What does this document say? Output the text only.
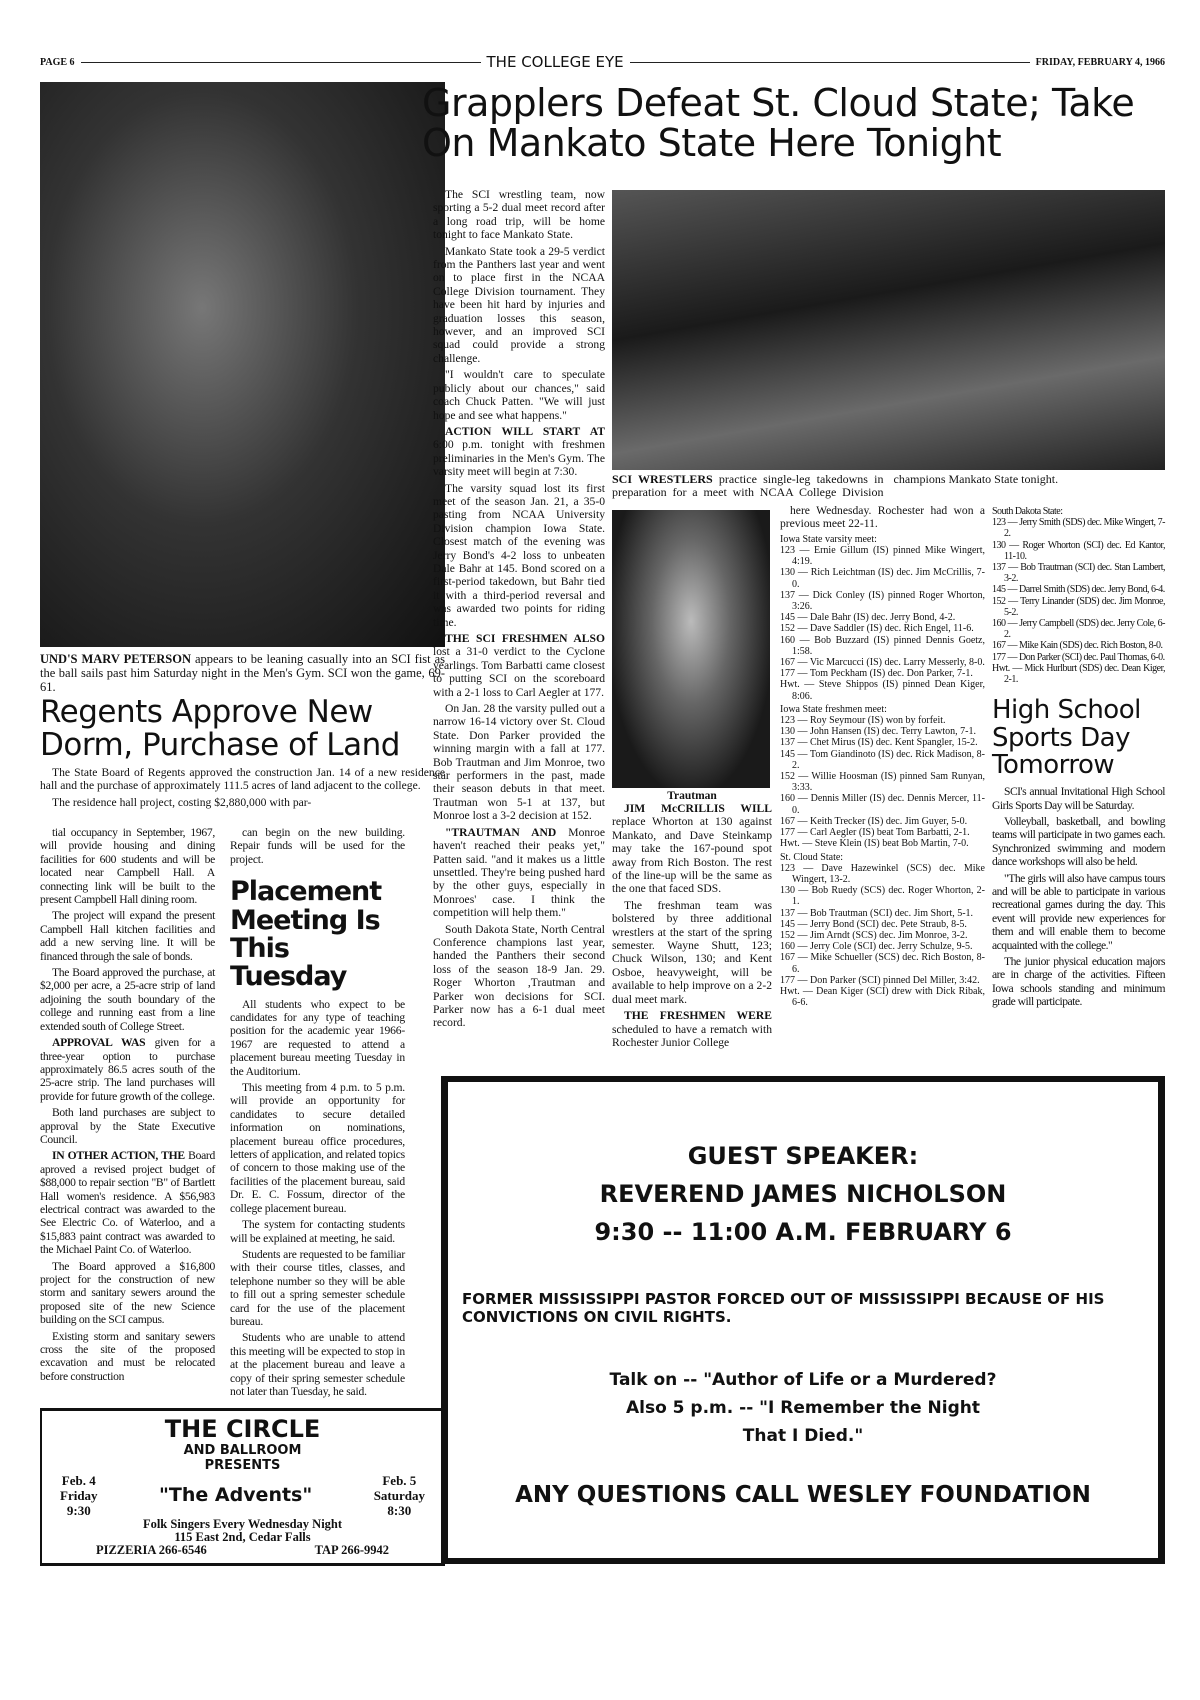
PAGE 6	THE COLLEGE EYE	FRIDAY, FEBRUARY 4, 1966
UND'S MARV PETERSON appears to be leaning casually into an SCI fist as the ball sails past him Saturday night in the Men's Gym. SCI won the game, 69-61.
Regents Approve New Dorm, Purchase of Land

The State Board of Regents approved the construction Jan. 14 of a new residence hall and the purchase of approximately 111.5 acres of land adjacent to the college.

The residence hall project, costing $2,880,000 with par-

tial occupancy in September, 1967, will provide housing and dining facilities for 600 students and will be located near Campbell Hall. A connecting link will be built to the present Campbell Hall dining room.

The project will expand the present Campbell Hall kitchen facilities and add a new serving line. It will be financed through the sale of bonds.

The Board approved the purchase, at $2,000 per acre, a 25-acre strip of land adjoining the south boundary of the college and running east from a line extended south of College Street.

APPROVAL WAS given for a three-year option to purchase approximately 86.5 acres south of the 25-acre strip. The land purchases will provide for future growth of the college.

Both land purchases are subject to approval by the State Executive Council.

IN OTHER ACTION, THE Board aproved a revised project budget of $88,000 to repair section "B" of Bartlett Hall women's residence. A $56,983 electrical contract was awarded to the See Electric Co. of Waterloo, and a $15,883 paint contract was awarded to the Michael Paint Co. of Waterloo.

The Board approved a $16,800 project for the construction of new storm and sanitary sewers around the proposed site of the new Science building on the SCI campus.

Existing storm and sanitary sewers cross the site of the proposed excavation and must be relocated before construction

can begin on the new building. Repair funds will be used for the project.

Placement Meeting Is This Tuesday

All students who expect to be candidates for any type of teaching position for the academic year 1966-1967 are requested to attend a placement bureau meeting Tuesday in the Auditorium.

This meeting from 4 p.m. to 5 p.m. will provide an opportunity for candidates to secure detailed information on nominations, placement bureau office procedures, letters of application, and related topics of concern to those making use of the facilities of the placement bureau, said Dr. E. C. Fossum, director of the college placement bureau.

The system for contacting students will be explained at meeting, he said.

Students are requested to be familiar with their course titles, classes, and telephone number so they will be able to fill out a spring semester schedule card for the use of the placement bureau.

Students who are unable to attend this meeting will be expected to stop in at the placement bureau and leave a copy of their spring semester schedule not later than Tuesday, he said.

THE CIRCLE
AND BALLROOM
PRESENTS
Feb. 4
Friday
9:30
"The Advents"
Feb. 5
Saturday
8:30
Folk Singers Every Wednesday Night
115 East 2nd, Cedar Falls
PIZZERIA 266-6546	TAP 266-9942
Grapplers Defeat St. Cloud State; Take On Mankato State Here Tonight

The SCI wrestling team, now sporting a 5-2 dual meet record after a long road trip, will be home tonight to face Mankato State.

Mankato State took a 29-5 verdict from the Panthers last year and went on to place first in the NCAA College Division tournament. They have been hit hard by injuries and graduation losses this season, however, and an improved SCI squad could provide a strong challenge.

"I wouldn't care to speculate publicly about our chances," said coach Chuck Patten. "We will just hope and see what happens."

ACTION WILL START AT 6:00 p.m. tonight with freshmen preliminaries in the Men's Gym. The varsity meet will begin at 7:30.

The varsity squad lost its first meet of the season Jan. 21, a 35-0 pasting from NCAA University Division champion Iowa State. Closest match of the evening was Jerry Bond's 4-2 loss to unbeaten Dale Bahr at 145. Bond scored on a first-period takedown, but Bahr tied it with a third-period reversal and was awarded two points for riding time.

THE SCI FRESHMEN ALSO lost a 31-0 verdict to the Cyclone yearlings. Tom Barbatti came closest to putting SCI on the scoreboard with a 2-1 loss to Carl Aegler at 177.

On Jan. 28 the varsity pulled out a narrow 16-14 victory over St. Cloud State. Don Parker provided the winning margin with a fall at 177. Bob Trautman and Jim Monroe, two star performers in the past, made their season debuts in that meet. Trautman won 5-1 at 137, but Monroe lost a 3-2 decision at 152.

"TRAUTMAN AND Monroe haven't reached their peaks yet," Patten said. "and it makes us a little unsettled. They're being pushed hard by the other guys, especially in Monroes' case. I think the competition will help them."

South Dakota State, North Central Conference champions last year, handed the Panthers their second loss of the season 18-9 Jan. 29. Roger Whorton ,Trautman and Parker won decisions for SCI. Parker now has a 6-1 dual meet record.

SCI WRESTLERS practice single-leg takedowns in preparation for a meet with NCAA College Division champions Mankato State tonight.
Trautman

JIM McCRILLIS WILL replace Whorton at 130 against Mankato, and Dave Steinkamp may take the 167-pound spot away from Rich Boston. The rest of the line-up will be the same as the one that faced SDS.

The freshman team was bolstered by three additional wrestlers at the start of the spring semester. Wayne Shutt, 123; Chuck Wilson, 130; and Kent Osboe, heavyweight, will be available to help improve on a 2-2 dual meet mark.

THE FRESHMEN WERE scheduled to have a rematch with Rochester Junior College

here Wednesday. Rochester had won a previous meet 22-11.

Iowa State varsity meet:
123 — Ernie Gillum (IS) pinned Mike Wingert, 4:19.
130 — Rich Leichtman (IS) dec. Jim McCrillis, 7-0.
137 — Dick Conley (IS) pinned Roger Whorton, 3:26.
145 — Dale Bahr (IS) dec. Jerry Bond, 4-2.
152 — Dave Saddler (IS) dec. Rich Engel, 11-6.
160 — Bob Buzzard (IS) pinned Dennis Goetz, 1:58.
167 — Vic Marcucci (IS) dec. Larry Messerly, 8-0.
177 — Tom Peckham (IS) dec. Don Parker, 7-1.
Hwt. — Steve Shippos (IS) pinned Dean Kiger, 8:06.
Iowa State freshmen meet:
123 — Roy Seymour (IS) won by forfeit.
130 — John Hansen (IS) dec. Terry Lawton, 7-1.
137 — Chet Mirus (IS) dec. Kent Spangler, 15-2.
145 — Tom Giandinoto (IS) dec. Rick Madison, 8-2.
152 — Willie Hoosman (IS) pinned Sam Runyan, 3:33.
160 — Dennis Miller (IS) dec. Dennis Mercer, 11-0.
167 — Keith Trecker (IS) dec. Jim Guyer, 5-0.
177 — Carl Aegler (IS) beat Tom Barbatti, 2-1.
Hwt. — Steve Klein (IS) beat Bob Martin, 7-0.
St. Cloud State:
123 — Dave Hazewinkel (SCS) dec. Mike Wingert, 13-2.
130 — Bob Ruedy (SCS) dec. Roger Whorton, 2-1.
137 — Bob Trautman (SCI) dec. Jim Short, 5-1.
145 — Jerry Bond (SCI) dec. Pete Straub, 8-5.
152 — Jim Arndt (SCS) dec. Jim Monroe, 3-2.
160 — Jerry Cole (SCI) dec. Jerry Schulze, 9-5.
167 — Mike Schueller (SCS) dec. Rich Boston, 8-6.
177 — Don Parker (SCI) pinned Del Miller, 3:42.
Hwt. — Dean Kiger (SCI) drew with Dick Ribak, 6-6.
South Dakota State:
123 — Jerry Smith (SDS) dec. Mike Wingert, 7-2.
130 — Roger Whorton (SCI) dec. Ed Kantor, 11-10.
137 — Bob Trautman (SCI) dec. Stan Lambert, 3-2.
145 — Darrel Smith (SDS) dec. Jerry Bond, 6-4.
152 — Terry Linander (SDS) dec. Jim Monroe, 5-2.
160 — Jerry Campbell (SDS) dec. Jerry Cole, 6-2.
167 — Mike Kain (SDS) dec. Rich Boston, 8-0.
177 — Don Parker (SCI) dec. Paul Thomas, 6-0.
Hwt. — Mick Hurlburt (SDS) dec. Dean Kiger, 2-1.
High School Sports Day Tomorrow

SCI's annual Invitational High School Girls Sports Day will be Saturday.

Volleyball, basketball, and bowling teams will participate in two games each. Synchronized swimming and modern dance workshops will also be held.

"The girls will also have campus tours and will be able to participate in various recreational games during the day. This event will provide new experiences for them and will enable them to become acquainted with the college."

The junior physical education majors are in charge of the activities. Fifteen Iowa schools standing and minimum grade will participate.

GUEST SPEAKER:
REVEREND JAMES NICHOLSON
9:30 -- 11:00 A.M. FEBRUARY 6
FORMER MISSISSIPPI PASTOR FORCED OUT OF MISSISSIPPI BECAUSE OF HIS CONVICTIONS ON CIVIL RIGHTS.
Talk on -- "Author of Life or a Murdered?
Also 5 p.m. -- "I Remember the Night
That I Died."
ANY QUESTIONS CALL WESLEY FOUNDATION
